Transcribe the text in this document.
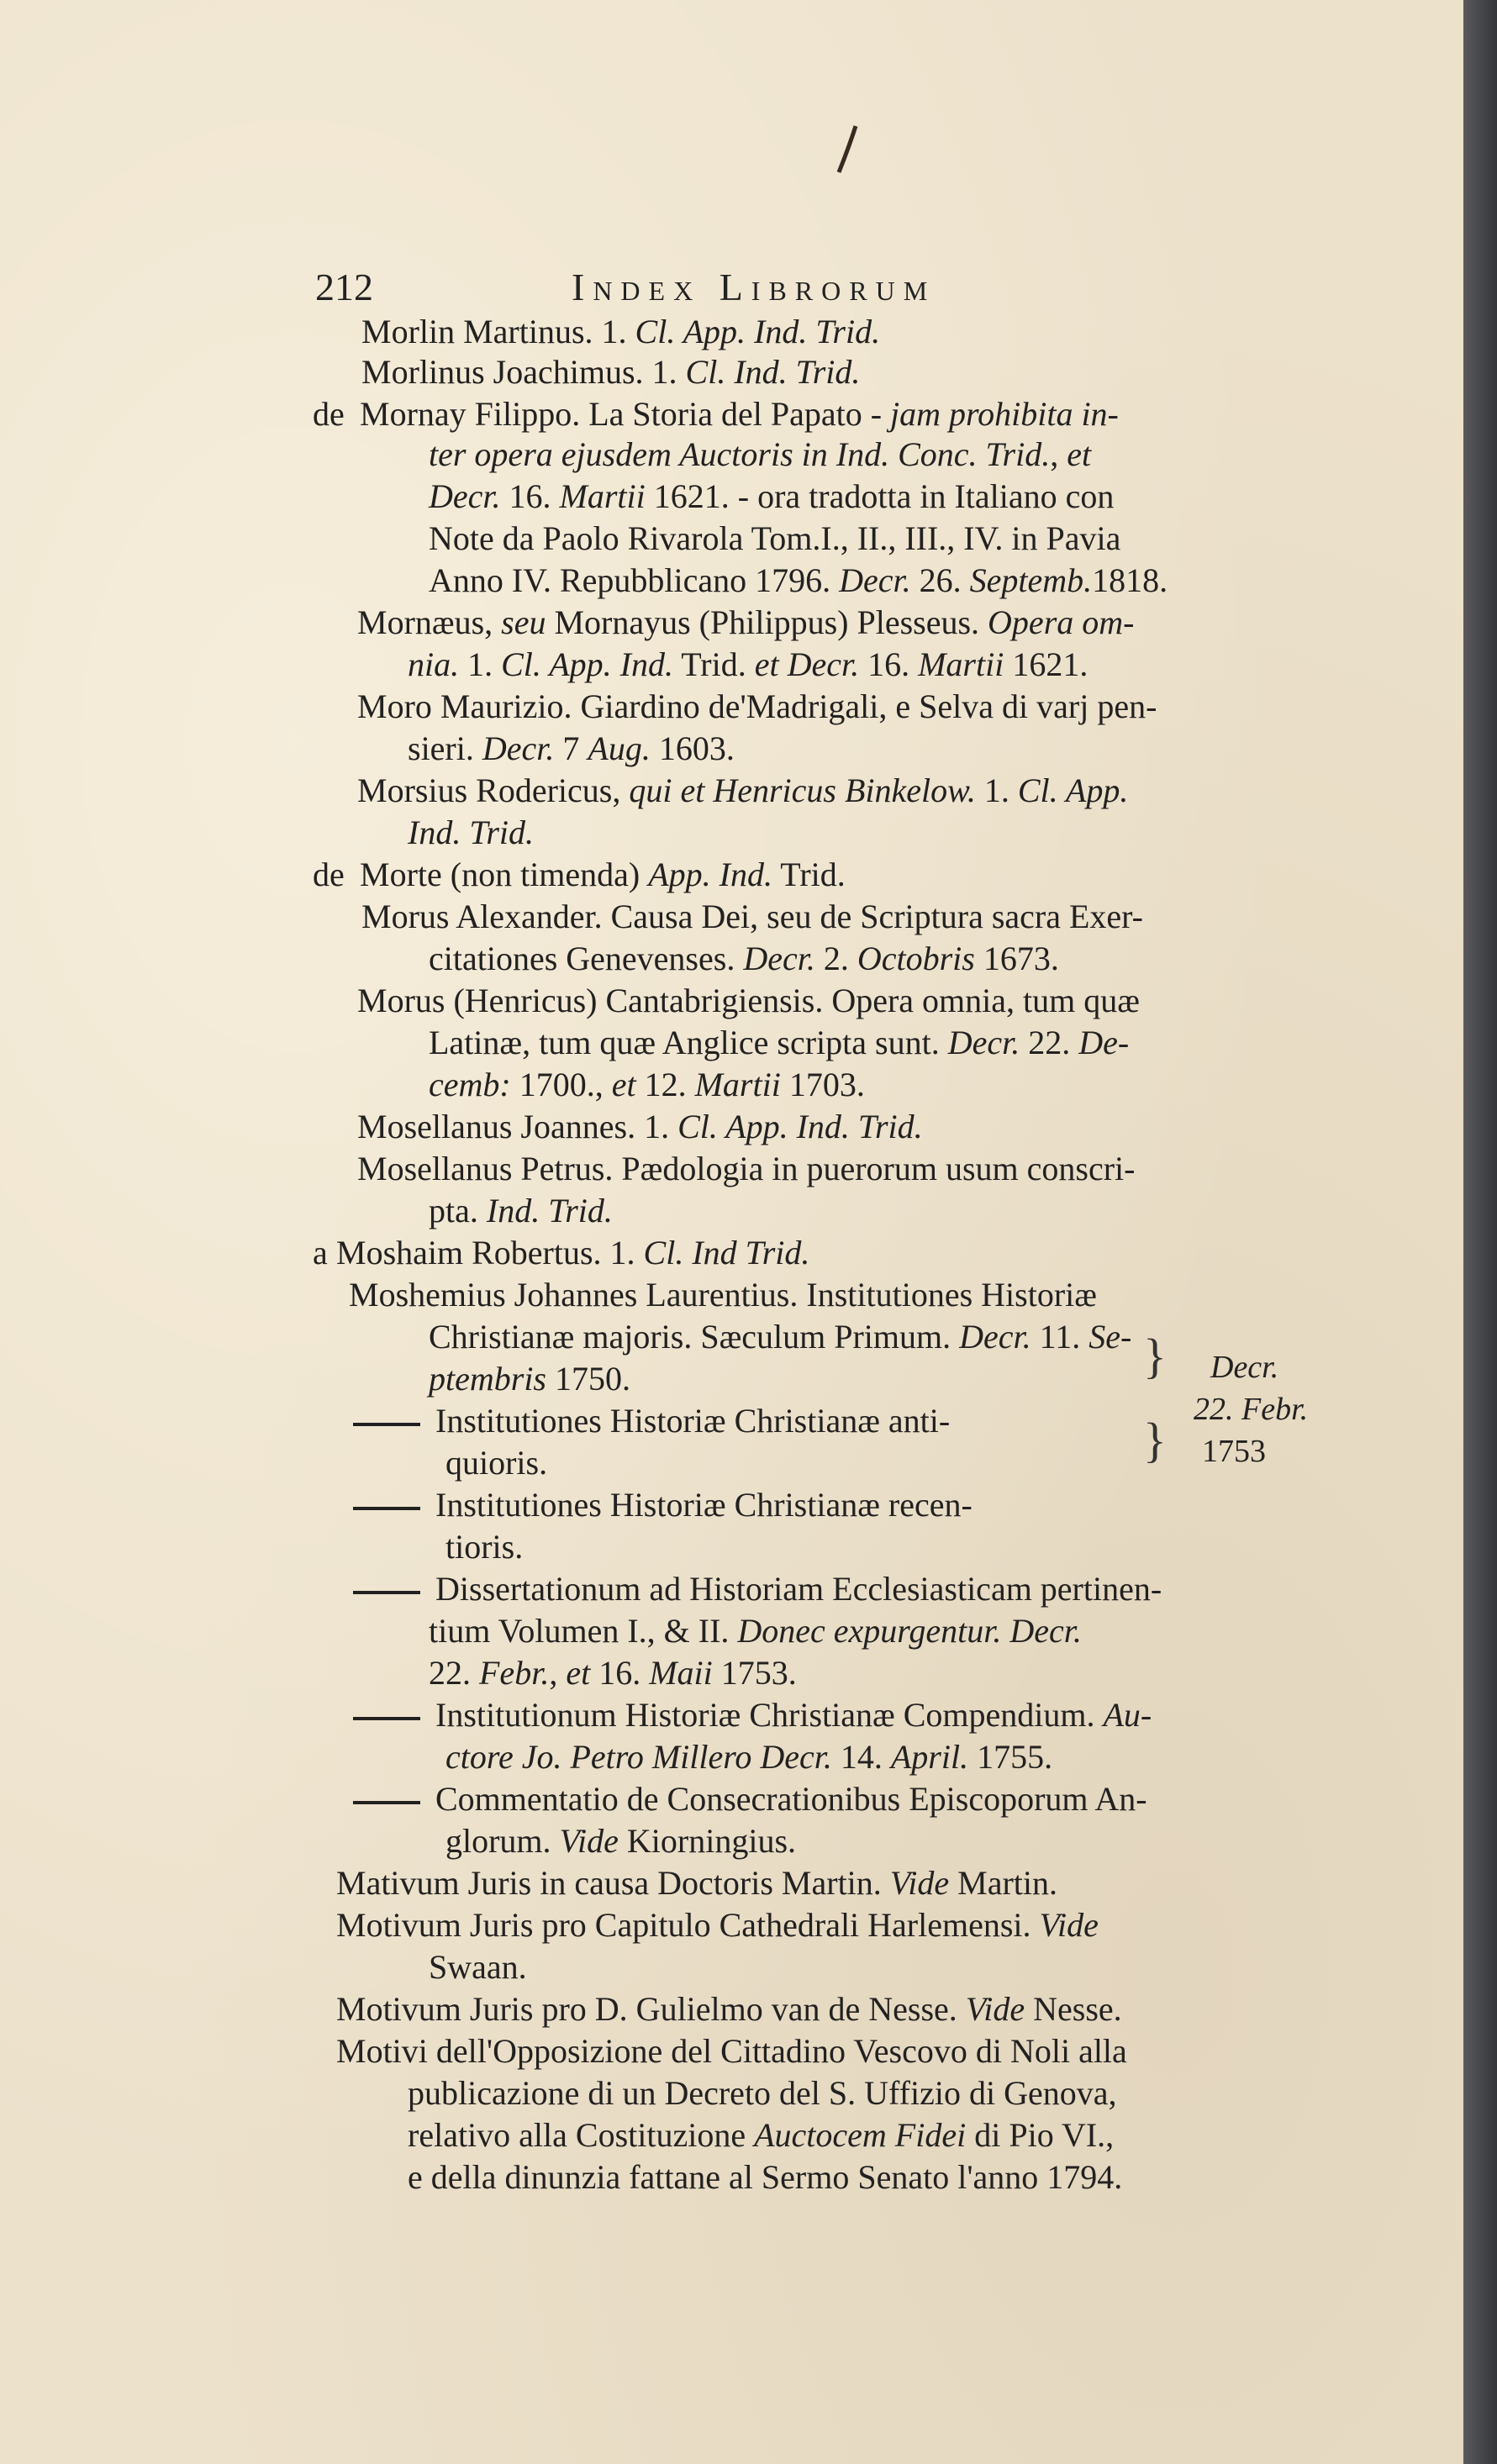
212	Index Librorum
Morlin Martinus. 1. Cl. App. Ind. Trid.
Morlinus Joachimus. 1. Cl. Ind. Trid.
de Mornay Filippo. La Storia del Papato - jam prohibita in-
ter opera ejusdem Auctoris in Ind. Conc. Trid., et
Decr. 16. Martii 1621. - ora tradotta in Italiano con
Note da Paolo Rivarola Tom.I., II., III., IV. in Pavia
Anno IV. Repubblicano 1796. Decr. 26. Septemb.1818.
Mornæus, seu Mornayus (Philippus) Plesseus. Opera om-
nia. 1. Cl. App. Ind. Trid. et Decr. 16. Martii 1621.
Moro Maurizio. Giardino de'Madrigali, e Selva di varj pen-
sieri. Decr. 7 Aug. 1603.
Morsius Rodericus, qui et Henricus Binkelow. 1. Cl. App.
Ind. Trid.
de Morte (non timenda) App. Ind. Trid.
Morus Alexander. Causa Dei, seu de Scriptura sacra Exer-
citationes Genevenses. Decr. 2. Octobris 1673.
Morus (Henricus) Cantabrigiensis. Opera omnia, tum quæ
Latinæ, tum quæ Anglice scripta sunt. Decr. 22. De-
cemb: 1700., et 12. Martii 1703.
Mosellanus Joannes. 1. Cl. App. Ind. Trid.
Mosellanus Petrus. Pædologia in puerorum usum conscri-
pta. Ind. Trid.
a Moshaim Robertus. 1. Cl. Ind Trid.
Moshemius Johannes Laurentius. Institutiones Historiæ
Christianæ majoris. Sæculum Primum. Decr. 11. Se-
ptembris 1750.
Institutiones Historiæ Christianæ anti-
quioris.
Institutiones Historiæ Christianæ recen-
tioris.
Dissertationum ad Historiam Ecclesiasticam pertinen-
tium Volumen I., & II. Donec expurgentur. Decr.
22. Febr., et 16. Maii 1753.
Institutionum Historiæ Christianæ Compendium. Au-
ctore Jo. Petro Millero Decr. 14. April. 1755.
Commentatio de Consecrationibus Episcoporum An-
glorum. Vide Kiorningius.
Mativum Juris in causa Doctoris Martin. Vide Martin.
Motivum Juris pro Capitulo Cathedrali Harlemensi. Vide
Swaan.
Motivum Juris pro D. Gulielmo van de Nesse. Vide Nesse.
Motivi dell'Opposizione del Cittadino Vescovo di Noli alla
publicazione di un Decreto del S. Uffizio di Genova,
relativo alla Costituzione Auctocem Fidei di Pio VI.,
e della dinunzia fattane al Sermo Senato l'anno 1794.
}
}
Decr.
22. Febr.
1753
